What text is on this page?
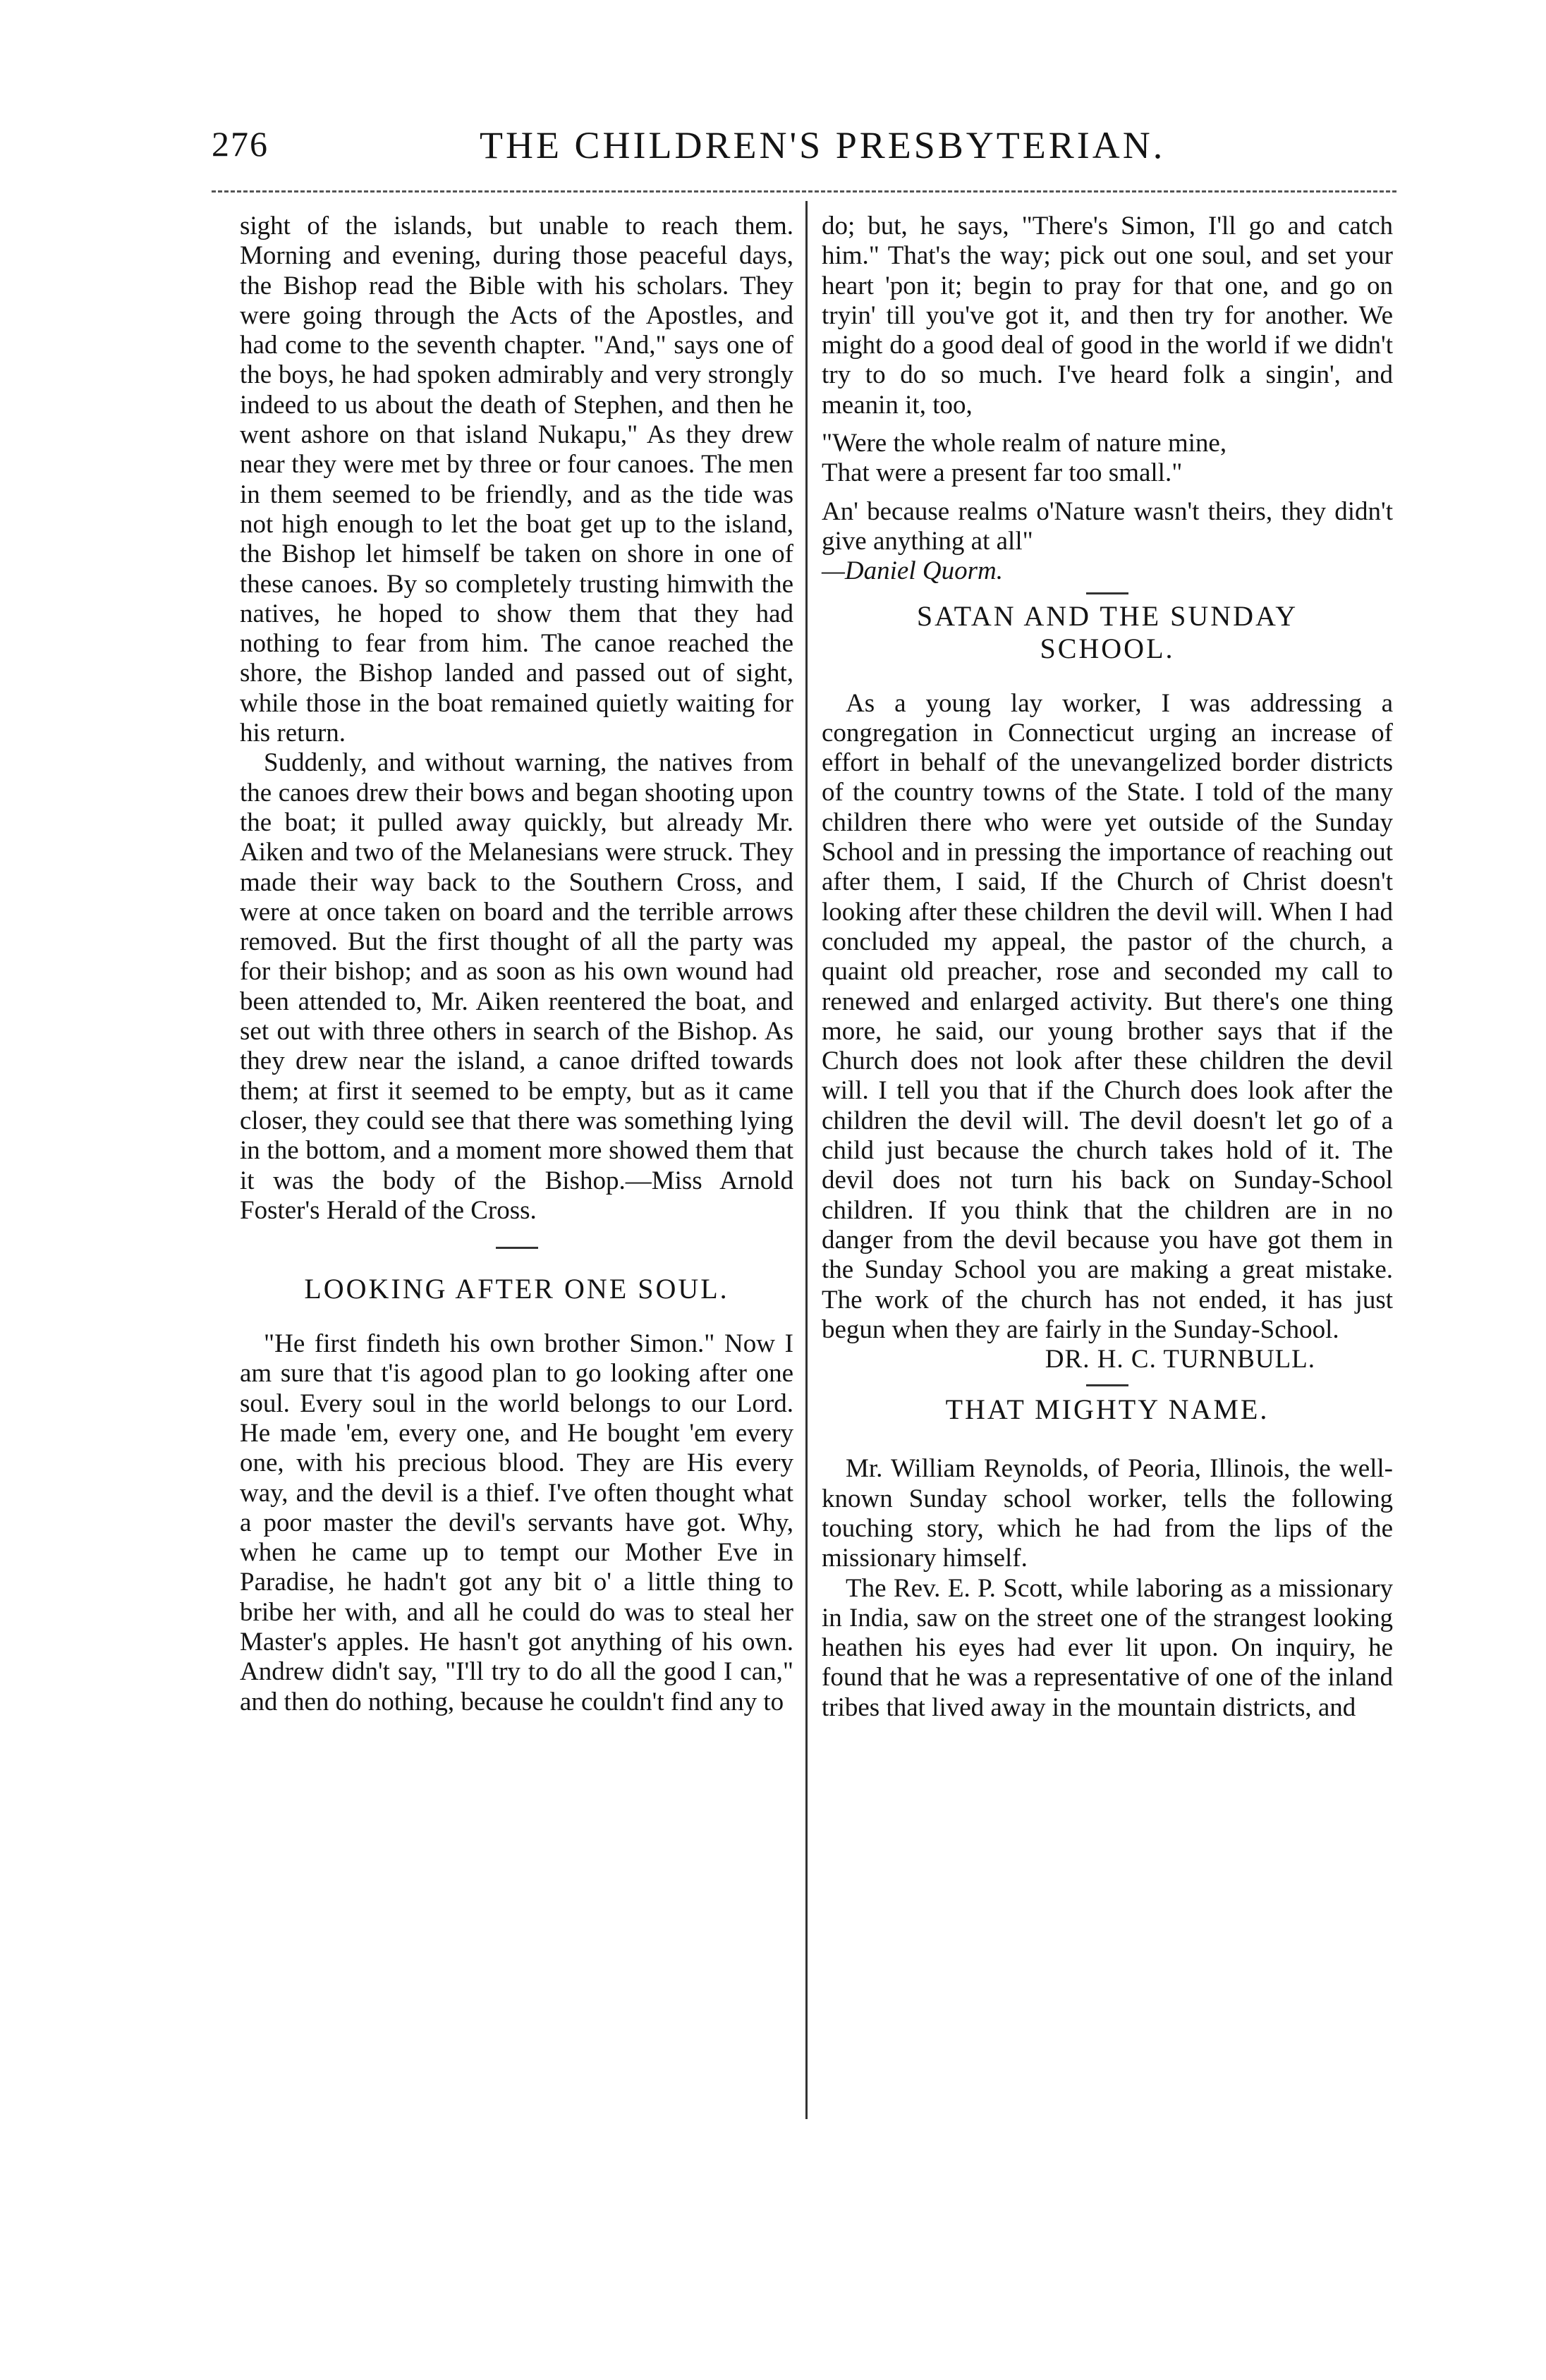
276	THE CHILDREN'S PRESBYTERIAN.

sight of the islands, but unable to reach them. Morning and evening, during those peaceful days, the Bishop read the Bible with his scholars. They were going through the Acts of the Apostles, and had come to the seventh chapter. "And," says one of the boys, he had spoken admirably and very strongly indeed to us about the death of Stephen, and then he went ashore on that island Nukapu," As they drew near they were met by three or four canoes. The men in them seemed to be friendly, and as the tide was not high enough to let the boat get up to the island, the Bishop let himself be taken on shore in one of these canoes. By so completely trusting himwith the natives, he hoped to show them that they had nothing to fear from him. The canoe reached the shore, the Bishop landed and passed out of sight, while those in the boat remained quietly waiting for his return.

Suddenly, and without warning, the natives from the canoes drew their bows and began shooting upon the boat; it pulled away quickly, but already Mr. Aiken and two of the Melanesians were struck. They made their way back to the Southern Cross, and were at once taken on board and the terrible arrows removed. But the first thought of all the party was for their bishop; and as soon as his own wound had been attended to, Mr. Aiken reentered the boat, and set out with three others in search of the Bishop. As they drew near the island, a canoe drifted towards them; at first it seemed to be empty, but as it came closer, they could see that there was something lying in the bottom, and a moment more showed them that it was the body of the Bishop.—Miss Arnold Foster's Herald of the Cross.

LOOKING AFTER ONE SOUL.

"He first findeth his own brother Simon." Now I am sure that t'is agood plan to go looking after one soul. Every soul in the world belongs to our Lord. He made 'em, every one, and He bought 'em every one, with his precious blood. They are His every way, and the devil is a thief. I've often thought what a poor master the devil's servants have got. Why, when he came up to tempt our Mother Eve in Paradise, he hadn't got any bit o' a little thing to bribe her with, and all he could do was to steal her Master's apples. He hasn't got anything of his own. Andrew didn't say, "I'll try to do all the good I can," and then do nothing, because he couldn't find any to

do; but, he says, "There's Simon, I'll go and catch him." That's the way; pick out one soul, and set your heart 'pon it; begin to pray for that one, and go on tryin' till you've got it, and then try for another. We might do a good deal of good in the world if we didn't try to do so much. I've heard folk a singin', and meanin it, too,

"Were the whole realm of nature mine,

That were a present far too small."

An' because realms o'Nature wasn't theirs, they didn't give anything at all"

—Daniel Quorm.

SATAN AND THE SUNDAY SCHOOL.

As a young lay worker, I was addressing a congregation in Connecticut urging an increase of effort in behalf of the unevangelized border districts of the country towns of the State. I told of the many children there who were yet outside of the Sunday School and in pressing the importance of reaching out after them, I said, If the Church of Christ doesn't looking after these children the devil will. When I had concluded my appeal, the pastor of the church, a quaint old preacher, rose and seconded my call to renewed and enlarged activity. But there's one thing more, he said, our young brother says that if the Church does not look after these children the devil will. I tell you that if the Church does look after the children the devil will. The devil doesn't let go of a child just because the church takes hold of it. The devil does not turn his back on Sunday-School children. If you think that the children are in no danger from the devil because you have got them in the Sunday School you are making a great mistake. The work of the church has not ended, it has just begun when they are fairly in the Sunday-School.

DR. H. C. TURNBULL.
THAT MIGHTY NAME.

Mr. William Reynolds, of Peoria, Illinois, the well-known Sunday school worker, tells the following touching story, which he had from the lips of the missionary himself.

The Rev. E. P. Scott, while laboring as a missionary in India, saw on the street one of the strangest looking heathen his eyes had ever lit upon. On inquiry, he found that he was a representative of one of the inland tribes that lived away in the mountain districts, and
